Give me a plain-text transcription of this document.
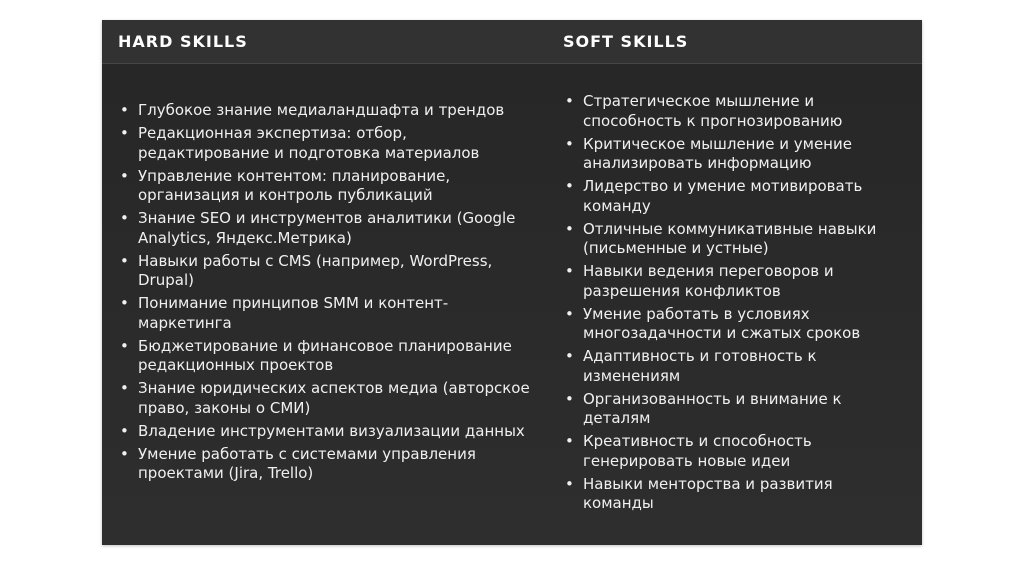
HARD SKILLS	SOFT SKILLS
• Глубокое знание медиаландшафта и трендов
• Редакционная экспертиза: отбор, редактирование и подготовка материалов
• Управление контентом: планирование, организация и контроль публикаций
• Знание SEO и инструментов аналитики (Google Analytics, Яндекс.Метрика)
• Навыки работы с CMS (например, WordPress, Drupal)
• Понимание принципов SMM и контент-маркетинга
• Бюджетирование и финансовое планирование редакционных проектов
• Знание юридических аспектов медиа (авторское право, законы о СМИ)
• Владение инструментами визуализации данных
• Умение работать с системами управления проектами (Jira, Trello)
• Стратегическое мышление и способность к прогнозированию
• Критическое мышление и умение анализировать информацию
• Лидерство и умение мотивировать команду
• Отличные коммуникативные навыки (письменные и устные)
• Навыки ведения переговоров и разрешения конфликтов
• Умение работать в условиях многозадачности и сжатых сроков
• Адаптивность и готовность к изменениям
• Организованность и внимание к деталям
• Креативность и способность генерировать новые идеи
• Навыки менторства и развития команды
